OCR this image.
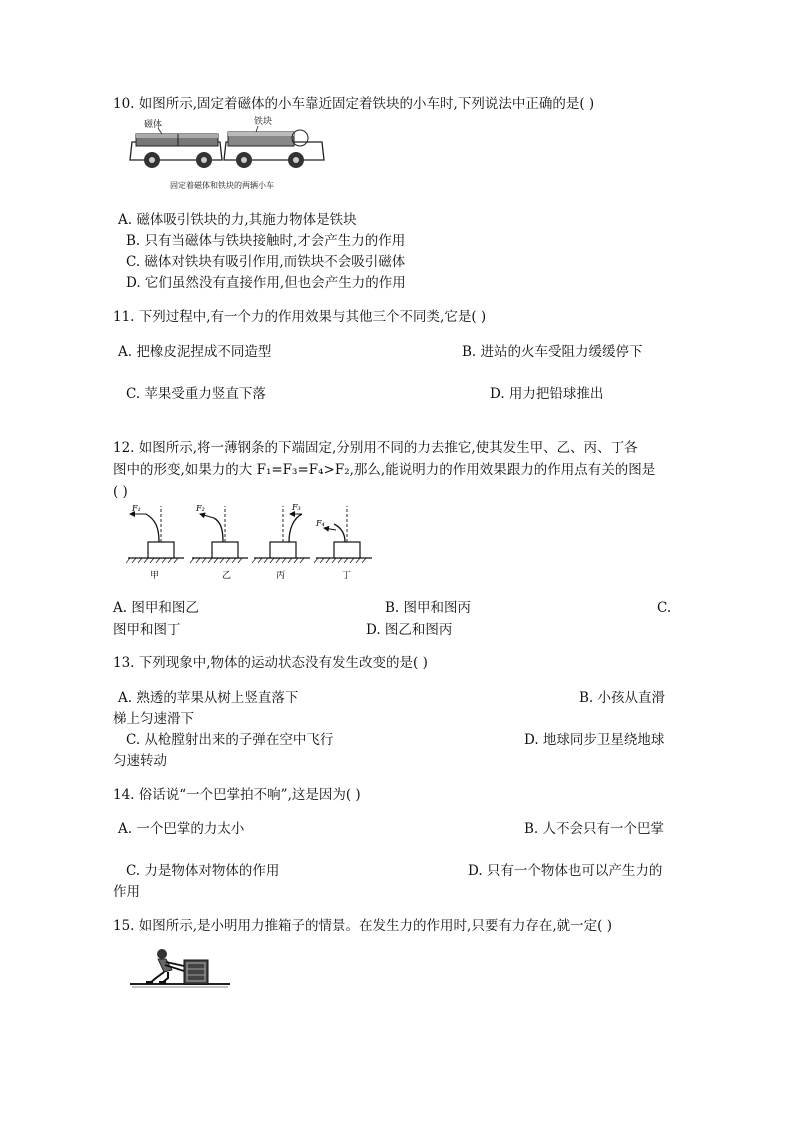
10. 如图所示,固定着磁体的小车靠近固定着铁块的小车时,下列说法中正确的是( )
磁体	铁块
固定着磁体和铁块的两辆小车
A. 磁体吸引铁块的力,其施力物体是铁块
B. 只有当磁体与铁块接触时,才会产生力的作用
C. 磁体对铁块有吸引作用,而铁块不会吸引磁体
D. 它们虽然没有直接作用,但也会产生力的作用
11. 下列过程中,有一个力的作用效果与其他三个不同类,它是( )
A. 把橡皮泥捏成不同造型	B. 进站的火车受阻力缓缓停下
C. 苹果受重力竖直下落	D. 用力把铅球推出
12. 如图所示,将一薄钢条的下端固定,分别用不同的力去推它,使其发生甲、乙、丙、丁各
图中的形变,如果力的大 F₁=F₃=F₄>F₂,那么,能说明力的作用效果跟力的作用点有关的图是
( )
F₁
甲
F₂
乙
F₃
丙
F₄
丁
A. 图甲和图乙	B. 图甲和图丙	C.
图甲和图丁	D. 图乙和图丙
13. 下列现象中,物体的运动状态没有发生改变的是( )
A. 熟透的苹果从树上竖直落下	B. 小孩从直滑
梯上匀速滑下
C. 从枪膛射出来的子弹在空中飞行	D. 地球同步卫星绕地球
匀速转动
14. 俗话说“一个巴掌拍不响”,这是因为( )
A. 一个巴掌的力太小	B. 人不会只有一个巴掌
C. 力是物体对物体的作用	D. 只有一个物体也可以产生力的
作用
15. 如图所示,是小明用力推箱子的情景。在发生力的作用时,只要有力存在,就一定( )
